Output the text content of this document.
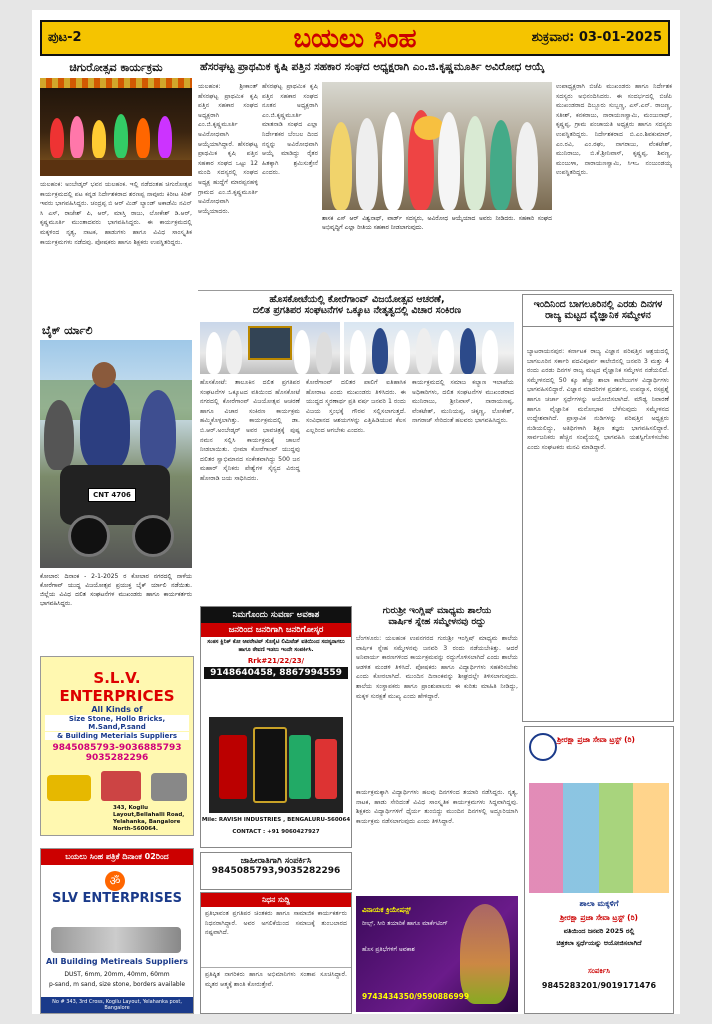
ಪುಟ-2	ಬಯಲು ಸಿಂಹ	ಶುಕ್ರವಾರ: 03-01-2025
ಚಿಗುರೋತ್ಸವ ಕಾರ್ಯಕ್ರಮ
ಯಲಹಂಕ: ಅಂಬೇಡ್ಕರ್ ಭವನ ಯಲಹಂಕ. ಇಲ್ಲಿ ನಡೆದಂತಹ ಚಿಗುರೋತ್ಸವ ಕಾರ್ಯಕ್ರಮದಲ್ಲಿ ಪಟ ಕನ್ನಡ ನಿರ್ದೇಶಕರಾದ ಶರಣಪ್ಪ ನಾವೂರು ಕಿರೀಟ ಕಿರಿಕ್ ಇವರು ಭಾಗವಹಿಸಿದ್ದರು. ಚಂದ್ರಪ್ಪ ಬಿ ಆರ್ ಮಿಡ್ ಲ್ಯಾಂಡ್ ಅಕಾಡೆಮಿ ನವಿನ್ ಸಿ ಎಸ್, ರಾಜೇಶ್ ಪಿ, ಆರ್, ಮಾಸ್ತಿ ರಾಜು, ಲೋಕೇಶ್ ಡಿ.ಆರ್, ಕೃಷ್ಣಮೂರ್ತಿ ಮುಂತಾದವರು ಭಾಗವಹಿಸಿದ್ದರು. ಈ ಕಾರ್ಯಕ್ರಮದಲ್ಲಿ ಮಕ್ಕಳಿಂದ ನೃತ್ಯ, ನಾಟಕ, ಹಾಡುಗಳು ಹಾಗೂ ವಿವಿಧ ಸಾಂಸ್ಕೃತಿಕ ಕಾರ್ಯಕ್ರಮಗಳು ನಡೆದವು. ಪೋಷಕರು ಹಾಗೂ ಶಿಕ್ಷಕರು ಉಪಸ್ಥಿತರಿದ್ದರು.
ಬೈಕ್ ರ್ಯಾಲಿ
CNT 4706
ಕೋಲಾರ: ದಿನಾಂಕ - 2-1-2025 ರ ಕೋಲಾರ ನಗರದಲ್ಲಿ ನಾಳೆಯ ಕೋರೆಗಾವ್ ಯುದ್ಧ ವಿಜಯೋತ್ಸವ ಪ್ರಯುಕ್ತ ಬೈಕ್ ರ್ಯಾಲಿ ನಡೆಯಿತು. ಜಿಲ್ಲೆಯ ವಿವಿಧ ದಲಿತ ಸಂಘಟನೆಗಳ ಮುಖಂಡರು ಹಾಗೂ ಕಾರ್ಯಕರ್ತರು ಭಾಗವಹಿಸಿದ್ದರು.
S.L.V. ENTERPRICES
All Kinds of
Size Stone, Hollo Bricks, M.Sand,P.sand
& Building Meterials Suppliers
9845085793-9036885793
9035282296
343, Kogilu Layout,Bellahalli Road, Yelahanka, Bangalore North-560064.
ಬಯಲು ಸಿಂಹ ಪತ್ರಿಕೆ ದಿನಾಂಕ 02ರಿಂದ
ॐ
SLV ENTERPRISES
All Building Metireals Suppliers
DUST, 6mm, 20mm, 40mm, 60mm
p-sand, m sand, size stone, borders available
No # 343, 3rd Cross, Kogilu Layout, Yelahanka post, Bangalore
ಹೆಸರಘಟ್ಟ ಪ್ರಾಥಮಿಕ ಕೃಷಿ ಪತ್ತಿನ ಸಹಕಾರ ಸಂಘದ ಅಧ್ಯಕ್ಷರಾಗಿ ಎಂ.ಜಿ.ಕೃಷ್ಣಮೂರ್ತಿ ಅವಿರೋಧ ಆಯ್ಕೆ
ಯಲಹಂಕ: ಶ್ರೀಕಾಂತ್ ಹೆಸರಘಟ್ಟ ಪ್ರಾಥಮಿಕ ಕೃಷಿ ಪತ್ತಿನ ಸಹಕಾರ ಸಂಘದ ಅಧ್ಯಕ್ಷರಾಗಿ ಎಂ.ಜಿ.ಕೃಷ್ಣಮೂರ್ತಿ ಅವಿರೋಧವಾಗಿ ಆಯ್ಕೆಯಾಗಿದ್ದಾರೆ. ಹೆಸರಘಟ್ಟ ಪ್ರಾಥಮಿಕ ಕೃಷಿ ಪತ್ತಿನ ಸಹಕಾರ ಸಂಘದ ಒಟ್ಟು 12 ಮಂದಿ ಸದಸ್ಯರಲ್ಲಿ ಸಂಘದ ಅಧ್ಯಕ್ಷ ಹುದ್ದೆಗೆ ಮಾರಪ್ಪನಹಳ್ಳಿ ಗ್ರಾಮದ ಎಂ.ಜಿ.ಕೃಷ್ಣಮೂರ್ತಿ ಅವಿರೋಧವಾಗಿ ಆಯ್ಕೆಯಾದರು.
ಹೆಸರಘಟ್ಟ ಪ್ರಾಥಮಿಕ ಕೃಷಿ ಪತ್ತಿನ ಸಹಕಾರ ಸಂಘದ ನೂತನ ಅಧ್ಯಕ್ಷರಾಗಿ ಎಂ.ಜಿ.ಕೃಷ್ಣಮೂರ್ತಿ ಮಾತನಾಡಿ ಸಂಘದ ಎಲ್ಲಾ ನಿರ್ದೇಶಕರ ಬೆಂಬಲ ದಿಂದ ನನ್ನನ್ನು ಅವಿರೋಧವಾಗಿ ಆಯ್ಕೆ ಮಾಡಿದ್ದು ರೈತರ ಹಿತಕ್ಕಾಗಿ ಶ್ರಮಿಸುತ್ತೇನೆ ಎಂದರು.
ಶಾಸಕ ಎಸ್ ಆರ್ ವಿಶ್ವನಾಥ್, ವಾರ್ಡ್ ಸದಸ್ಯರು, ಅವಿರೋಧ ಆಯ್ಕೆಯಾದ ಅವರು ನೀಡಿದರು. ಸಹಕಾರಿ ಸಂಘದ ಅಭಿವೃದ್ಧಿಗೆ ಎಲ್ಲಾ ರೀತಿಯ ಸಹಕಾರ ನೀಡಲಾಗುವುದು.
ಉಪಾಧ್ಯಕ್ಷರಾಗಿ ಬಿಜೆಪಿ ಮುಖಂಡರು ಹಾಗೂ ನಿರ್ದೇಶಕ ಸದಸ್ಯರು ಅಭಿನಂದಿಸಿದರು. ಈ ಸಂದರ್ಭದಲ್ಲಿ ಬಿಜೆಪಿ ಮುಖಂಡರಾದ ದಿಬ್ಬೂರು ಸುಬ್ಬಣ್ಣ, ಎಸ್.ಎನ್. ರಾಜಣ್ಣ, ಸತೀಶ್, ಕನಕರಾಜು, ನಾರಾಯಣಸ್ವಾಮಿ, ಮಂಜುನಾಥ್, ಕೃಷ್ಣಪ್ಪ, ಗ್ರಾಮ ಪಂಚಾಯತಿ ಅಧ್ಯಕ್ಷರು ಹಾಗೂ ಸದಸ್ಯರು ಉಪಸ್ಥಿತರಿದ್ದರು. ನಿರ್ದೇಶಕರಾದ ಬಿ.ಎಂ.ಶಿವಕುಮಾರ್, ಎಂ.ರವಿ, ಎಂ.ರಘು, ನಾಗರಾಜು, ವೆಂಕಟೇಶ್, ಮುನಿರಾಜು, ಬಿ.ಕೆ.ಶ್ರೀನಿವಾಸ್, ಕೃಷ್ಣಪ್ಪ, ಶಿವಣ್ಣ, ಮಂಜುಳಾ, ನಾರಾಯಣಸ್ವಾಮಿ, ಸಿಇಒ ನಂಜುಂಡಯ್ಯ ಉಪಸ್ಥಿತರಿದ್ದರು.
ಹೊಸಕೋಟೆಯಲ್ಲಿ ಕೋರೆಗಾಂವ್ ವಿಜಯೋತ್ಸವ ಆಚರಣೆ,
ದಲಿತ ಪ್ರಗತಿಪರ ಸಂಘಟನೆಗಳ ಒಕ್ಕೂಟ ನೇತೃತ್ವದಲ್ಲಿ ವಿಚಾರ ಸಂಕಿರಣ
ಹೊಸಕೋಟೆ: ತಾಲೂಕಿನ ದಲಿತ ಪ್ರಗತಿಪರ ಸಂಘಟನೆಗಳ ಒಕ್ಕೂಟದ ವತಿಯಿಂದ ಹೊಸಕೋಟೆ ನಗರದಲ್ಲಿ ಕೋರೆಗಾಂವ್ ವಿಜಯೋತ್ಸವ ಆಚರಣೆ ಹಾಗೂ ವಿಚಾರ ಸಂಕಿರಣ ಕಾರ್ಯಕ್ರಮ ಹಮ್ಮಿಕೊಳ್ಳಲಾಗಿತ್ತು. ಕಾರ್ಯಕ್ರಮದಲ್ಲಿ ಡಾ. ಬಿ.ಆರ್.ಅಂಬೇಡ್ಕರ್ ಅವರ ಭಾವಚಿತ್ರಕ್ಕೆ ಪುಷ್ಪ ನಮನ ಸಲ್ಲಿಸಿ ಕಾರ್ಯಕ್ರಮಕ್ಕೆ ಚಾಲನೆ ನೀಡಲಾಯಿತು. ಭೀಮಾ ಕೋರೆಗಾಂವ್ ಯುದ್ಧವು ದಲಿತರ ಸ್ವಾಭಿಮಾನದ ಸಂಕೇತವಾಗಿದ್ದು 500 ಜನ ಮಹಾರ್ ಸೈನಿಕರು ಪೇಶ್ವೆಗಳ ಸೈನ್ಯದ ವಿರುದ್ಧ ಹೋರಾಡಿ ಜಯ ಸಾಧಿಸಿದರು.
ಕೋರೆಗಾಂವ್ ದಲಿತರ ಪಾಲಿಗೆ ಐತಿಹಾಸಿಕ ಹೋರಾಟ ಎಂದು ಮುಖಂಡರು ತಿಳಿಸಿದರು. ಈ ಯುದ್ಧದ ಸ್ಮರಣಾರ್ಥ ಪ್ರತಿ ವರ್ಷ ಜನವರಿ 1 ರಂದು ವಿಜಯ ಸ್ತಂಭಕ್ಕೆ ಗೌರವ ಸಲ್ಲಿಸಲಾಗುತ್ತದೆ. ಸಂವಿಧಾನದ ಆಶಯಗಳನ್ನು ಎತ್ತಿಹಿಡಿಯುವ ಕೆಲಸ ಎಲ್ಲರಿಂದ ಆಗಬೇಕು ಎಂದರು.
ಕಾರ್ಯಕ್ರಮದಲ್ಲಿ ಸಮಾಜ ಕಲ್ಯಾಣ ಇಲಾಖೆಯ ಅಧಿಕಾರಿಗಳು, ದಲಿತ ಸಂಘಟನೆಗಳ ಮುಖಂಡರಾದ ಮುನಿರಾಜು, ಶ್ರೀನಿವಾಸ್, ನಾರಾಯಣಪ್ಪ, ವೆಂಕಟೇಶ್, ಮುನಿಯಪ್ಪ, ಚಿಕ್ಕಣ್ಣ, ಲೋಕೇಶ್, ನಾಗರಾಜ್ ಸೇರಿದಂತೆ ಹಲವರು ಭಾಗವಹಿಸಿದ್ದರು.
ಇಂದಿನಿಂದ ಬಾಗಲೂರಿನಲ್ಲಿ ಎರಡು ದಿನಗಳ ರಾಜ್ಯ ಮಟ್ಟದ ವೈಜ್ಞಾನಿಕ ಸಮ್ಮೇಳನ
ಬ್ಯಾಟರಾಯನಪುರ: ಕರ್ನಾಟಕ ರಾಜ್ಯ ವಿಜ್ಞಾನ ಪರಿಷತ್ತಿನ ಆಶ್ರಯದಲ್ಲಿ ಬಾಗಲೂರಿನ ಸರ್ಕಾರಿ ಪದವಿಪೂರ್ವ ಕಾಲೇಜಿನಲ್ಲಿ ಜನವರಿ 3 ಮತ್ತು 4 ರಂದು ಎರಡು ದಿನಗಳ ರಾಜ್ಯ ಮಟ್ಟದ ವೈಜ್ಞಾನಿಕ ಸಮ್ಮೇಳನ ನಡೆಯಲಿದೆ. ಸಮ್ಮೇಳನದಲ್ಲಿ 50 ಕ್ಕೂ ಹೆಚ್ಚು ಶಾಲಾ ಕಾಲೇಜುಗಳ ವಿದ್ಯಾರ್ಥಿಗಳು ಭಾಗವಹಿಸಲಿದ್ದಾರೆ. ವಿಜ್ಞಾನ ಮಾದರಿಗಳ ಪ್ರದರ್ಶನ, ಉಪನ್ಯಾಸ, ರಸಪ್ರಶ್ನೆ ಹಾಗೂ ಚರ್ಚಾ ಸ್ಪರ್ಧೆಗಳನ್ನು ಆಯೋಜಿಸಲಾಗಿದೆ. ಮೌಢ್ಯ ನಿವಾರಣೆ ಹಾಗೂ ವೈಜ್ಞಾನಿಕ ಮನೋಭಾವ ಬೆಳೆಸುವುದು ಸಮ್ಮೇಳನದ ಉದ್ದೇಶವಾಗಿದೆ. ಪ್ರಾಸ್ತಾವಿಕ ನುಡಿಗಳನ್ನು ಪರಿಷತ್ತಿನ ಅಧ್ಯಕ್ಷರು ನುಡಿಯಲಿದ್ದು, ಅತಿಥಿಗಳಾಗಿ ಶಿಕ್ಷಣ ತಜ್ಞರು ಭಾಗವಹಿಸಲಿದ್ದಾರೆ. ಸಾರ್ವಜನಿಕರು ಹೆಚ್ಚಿನ ಸಂಖ್ಯೆಯಲ್ಲಿ ಭಾಗವಹಿಸಿ ಯಶಸ್ವಿಗೊಳಿಸಬೇಕು ಎಂದು ಸಂಘಟಕರು ಮನವಿ ಮಾಡಿದ್ದಾರೆ.
ನಿಮಗೊಂದು ಸುವರ್ಣ ಅವಕಾಶ
ಜನರಿಂದ ಜನರಿಗಾಗಿ ಜನರಿಗೋಸ್ಕರ
ಸಂತಸ ಕ್ಲಿನಿಕ್ ಕೋ ಆಪರೇಟಿವ್ ಸೊಸೈಟಿ ಲಿಮಿಟೆಡ್ ವತಿಯಿಂದ ಸದಸ್ಯರಾಗಲು ಹಾಗೂ ಠೇವಣಿ ಇಡಲು ಇಂದೇ ಸಂಪರ್ಕಿಸಿ.
Rrk#21/22/23/
9148640458, 8867994559
Mile: RAVISH INDUSTRIES , BENGALURU-560064
CONTACT : +91 9060427927
ಜಾಹೀರಾತಿಗಾಗಿ ಸಂಪರ್ಕಿಸಿ
9845085793,9035282296
ನಿಧನ ಸುದ್ದಿ
ಪ್ರತಿಭಾವಂತ ಪ್ರಗತಿಪರ ಚಿಂತಕರು ಹಾಗೂ ಸಾಮಾಜಿಕ ಕಾರ್ಯಕರ್ತರು ನಿಧನರಾಗಿದ್ದಾರೆ. ಅವರ ಅಗಲಿಕೆಯಿಂದ ಸಮಾಜಕ್ಕೆ ತುಂಬಲಾರದ ನಷ್ಟವಾಗಿದೆ.
ಪ್ರತಿಷ್ಠಿತ ನಾಗರಿಕರು ಹಾಗೂ ಅಭಿಮಾನಿಗಳು ಸಂತಾಪ ಸೂಚಿಸಿದ್ದಾರೆ. ಮೃತರ ಆತ್ಮಕ್ಕೆ ಶಾಂತಿ ಕೋರುತ್ತೇವೆ.
ಗುರುಶ್ರೀ ಇಂಗ್ಲಿಷ್ ಮಾಧ್ಯಮ ಶಾಲೆಯ
ವಾರ್ಷಿಕ ಸ್ನೇಹ ಸಮ್ಮೇಳನವು ರದ್ದು
ಬೆಂಗಳೂರು: ಯಲಹಂಕ ಉಪನಗರದ ಗುರುಶ್ರೀ ಇಂಗ್ಲಿಷ್ ಮಾಧ್ಯಮ ಶಾಲೆಯ ವಾರ್ಷಿಕ ಸ್ನೇಹ ಸಮ್ಮೇಳನವು ಜನವರಿ 3 ರಂದು ನಡೆಯಬೇಕಿತ್ತು. ಆದರೆ ಅನಿವಾರ್ಯ ಕಾರಣಗಳಿಂದ ಕಾರ್ಯಕ್ರಮವನ್ನು ರದ್ದುಗೊಳಿಸಲಾಗಿದೆ ಎಂದು ಶಾಲೆಯ ಆಡಳಿತ ಮಂಡಳಿ ತಿಳಿಸಿದೆ. ಪೋಷಕರು ಹಾಗೂ ವಿದ್ಯಾರ್ಥಿಗಳು ಸಹಕರಿಸಬೇಕು ಎಂದು ಕೋರಲಾಗಿದೆ. ಮುಂದಿನ ದಿನಾಂಕವನ್ನು ಶೀಘ್ರದಲ್ಲೇ ತಿಳಿಸಲಾಗುವುದು. ಶಾಲೆಯ ಸಂಸ್ಥಾಪಕರು ಹಾಗೂ ಪ್ರಾಂಶುಪಾಲರು ಈ ಕುರಿತು ಮಾಹಿತಿ ನೀಡಿದ್ದು, ಮಕ್ಕಳ ಸುರಕ್ಷತೆ ಮುಖ್ಯ ಎಂದು ಹೇಳಿದ್ದಾರೆ.
ಕಾರ್ಯಕ್ರಮಕ್ಕಾಗಿ ವಿದ್ಯಾರ್ಥಿಗಳು ಹಲವು ದಿನಗಳಿಂದ ತಯಾರಿ ನಡೆಸಿದ್ದರು. ನೃತ್ಯ, ನಾಟಕ, ಹಾಡು ಸೇರಿದಂತೆ ವಿವಿಧ ಸಾಂಸ್ಕೃತಿಕ ಕಾರ್ಯಕ್ರಮಗಳು ಸಿದ್ಧವಾಗಿದ್ದವು. ಶಿಕ್ಷಕರು ವಿದ್ಯಾರ್ಥಿಗಳಿಗೆ ಧೈರ್ಯ ತುಂಬಿದ್ದು ಮುಂದಿನ ದಿನಗಳಲ್ಲಿ ಅದ್ದೂರಿಯಾಗಿ ಕಾರ್ಯಕ್ರಮ ನಡೆಸಲಾಗುವುದು ಎಂದು ತಿಳಿಸಿದ್ದಾರೆ.
ವಿನಾಯಕ ಕ್ರಿಯೇಷನ್ಸ್
ರೀಲ್ಸ್, ಸೀರಿ ತಯಾರಿಕೆ ಹಾಗೂ ಮಾರ್ಕೆಟಿಂಗ್
ಹೊಸ ಪ್ರತಿಭೆಗಳಿಗೆ ಅವಕಾಶ
9743434350/9590886999
ಶ್ರೀರಕ್ಷಾ ಪ್ರಜಾ ಸೇವಾ ಟ್ರಸ್ಟ್ (ರಿ)
ಶಾಲಾ ಮಕ್ಕಳಿಗೆ
ಶ್ರೀರಕ್ಷಾ ಪ್ರಜಾ ಸೇವಾ ಟ್ರಸ್ಟ್ (ರಿ)
ವತಿಯಿಂದ ಜನವರಿ 2025 ರಲ್ಲಿ
ಚಿತ್ರಕಲಾ ಸ್ಪರ್ಧೆಯನ್ನು ಆಯೋಜಿಸಲಾಗಿದೆ
ಸಂಪರ್ಕಿಸಿ
9845283201/9019171476
